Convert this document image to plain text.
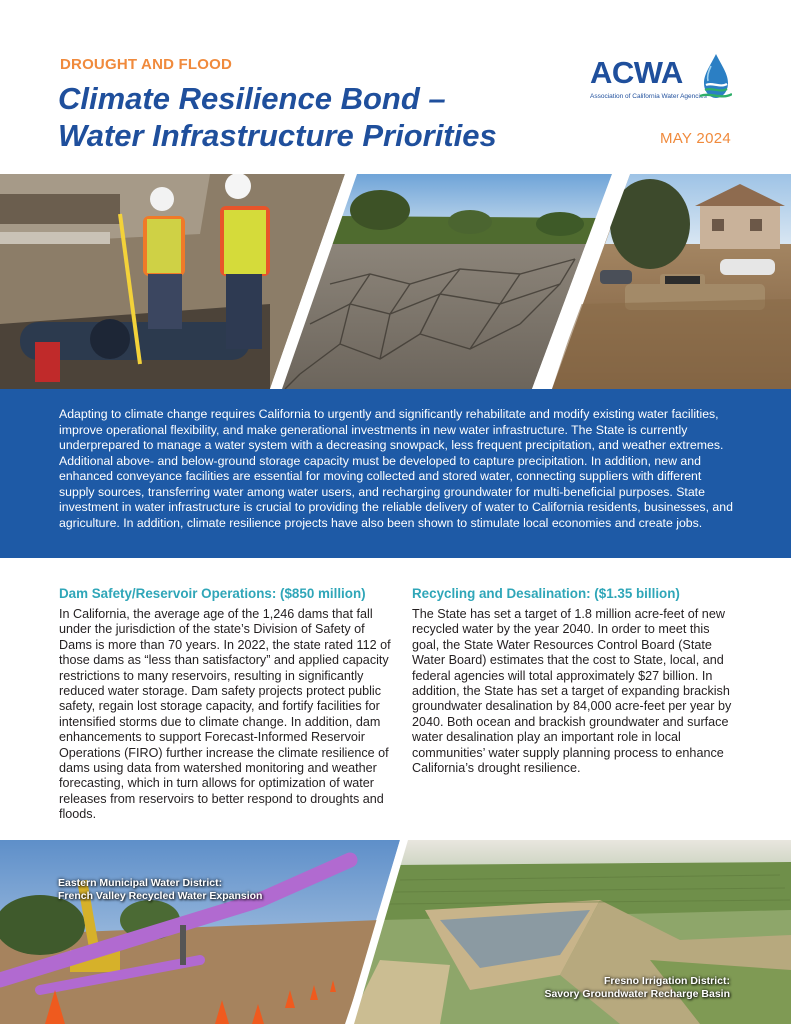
DROUGHT AND FLOOD
Climate Resilience Bond –
Water Infrastructure Priorities	MAY 2024
ACWA
Association of California Water Agencies

Adapting to climate change requires California to urgently and significantly rehabilitate and modify existing water facilities, improve operational flexibility, and make generational investments in new water infrastructure. The State is currently underprepared to manage a water system with a decreasing snowpack, less frequent precipitation, and weather extremes. Additional above- and below-ground storage capacity must be developed to capture precipitation. In addition, new and enhanced conveyance facilities are essential for moving collected and stored water, connecting suppliers with different supply sources, transferring water among water users, and recharging groundwater for multi-beneficial purposes. State investment in water infrastructure is crucial to providing the reliable delivery of water to California residents, businesses, and agriculture. In addition, climate resilience projects have also been shown to stimulate local economies and create jobs.

Dam Safety/Reservoir Operations: ($850 million)

In California, the average age of the 1,246 dams that fall under the jurisdiction of the state’s Division of Safety of Dams is more than 70 years. In 2022, the state rated 112 of those dams as “less than satisfactory” and applied capacity restrictions to many reservoirs, resulting in significantly reduced water storage. Dam safety projects protect public safety, regain lost storage capacity, and fortify facilities for intensified storms due to climate change. In addition, dam enhancements to support Forecast-Informed Reservoir Operations (FIRO) further increase the climate resilience of dams using data from watershed monitoring and weather forecasting, which in turn allows for optimization of water releases from reservoirs to better respond to droughts and floods.

Recycling and Desalination: ($1.35 billion)

The State has set a target of 1.8 million acre-feet of new recycled water by the year 2040. In order to meet this goal, the State Water Resources Control Board (State Water Board) estimates that the cost to State, local, and federal agencies will total approximately $27 billion. In addition, the State has set a target of expanding brackish groundwater desalination by 84,000 acre-feet per year by 2040. Both ocean and brackish groundwater and surface water desalination play an important role in local communities’ water supply planning process to enhance California’s drought resilience.

Eastern Municipal Water District:
French Valley Recycled Water Expansion
Fresno Irrigation District:
Savory Groundwater Recharge Basin
